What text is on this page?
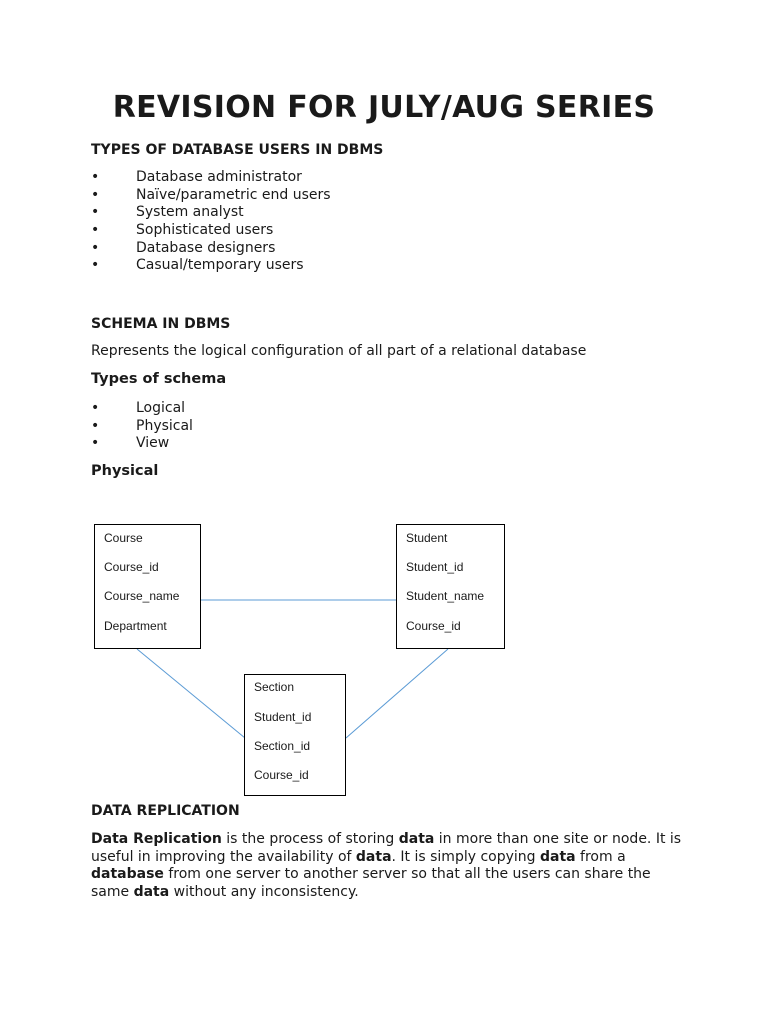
REVISION FOR JULY/AUG SERIES
TYPES OF DATABASE USERS IN DBMS
•	Database administrator
•	Naïve/parametric end users
•	System analyst
•	Sophisticated users
•	Database designers
•	Casual/temporary users
SCHEMA IN DBMS
Represents the logical configuration of all part of a relational database
Types of schema
•	Logical
•	Physical
•	View
Physical
Course
Course_id
Course_name
Department
Student
Student_id
Student_name
Course_id
Section
Student_id
Section_id
Course_id
DATA REPLICATION
Data Replication is the process of storing data in more than one site or node. It is useful in improving the availability of data. It is simply copying data from a database from one server to another server so that all the users can share the same data without any inconsistency.
